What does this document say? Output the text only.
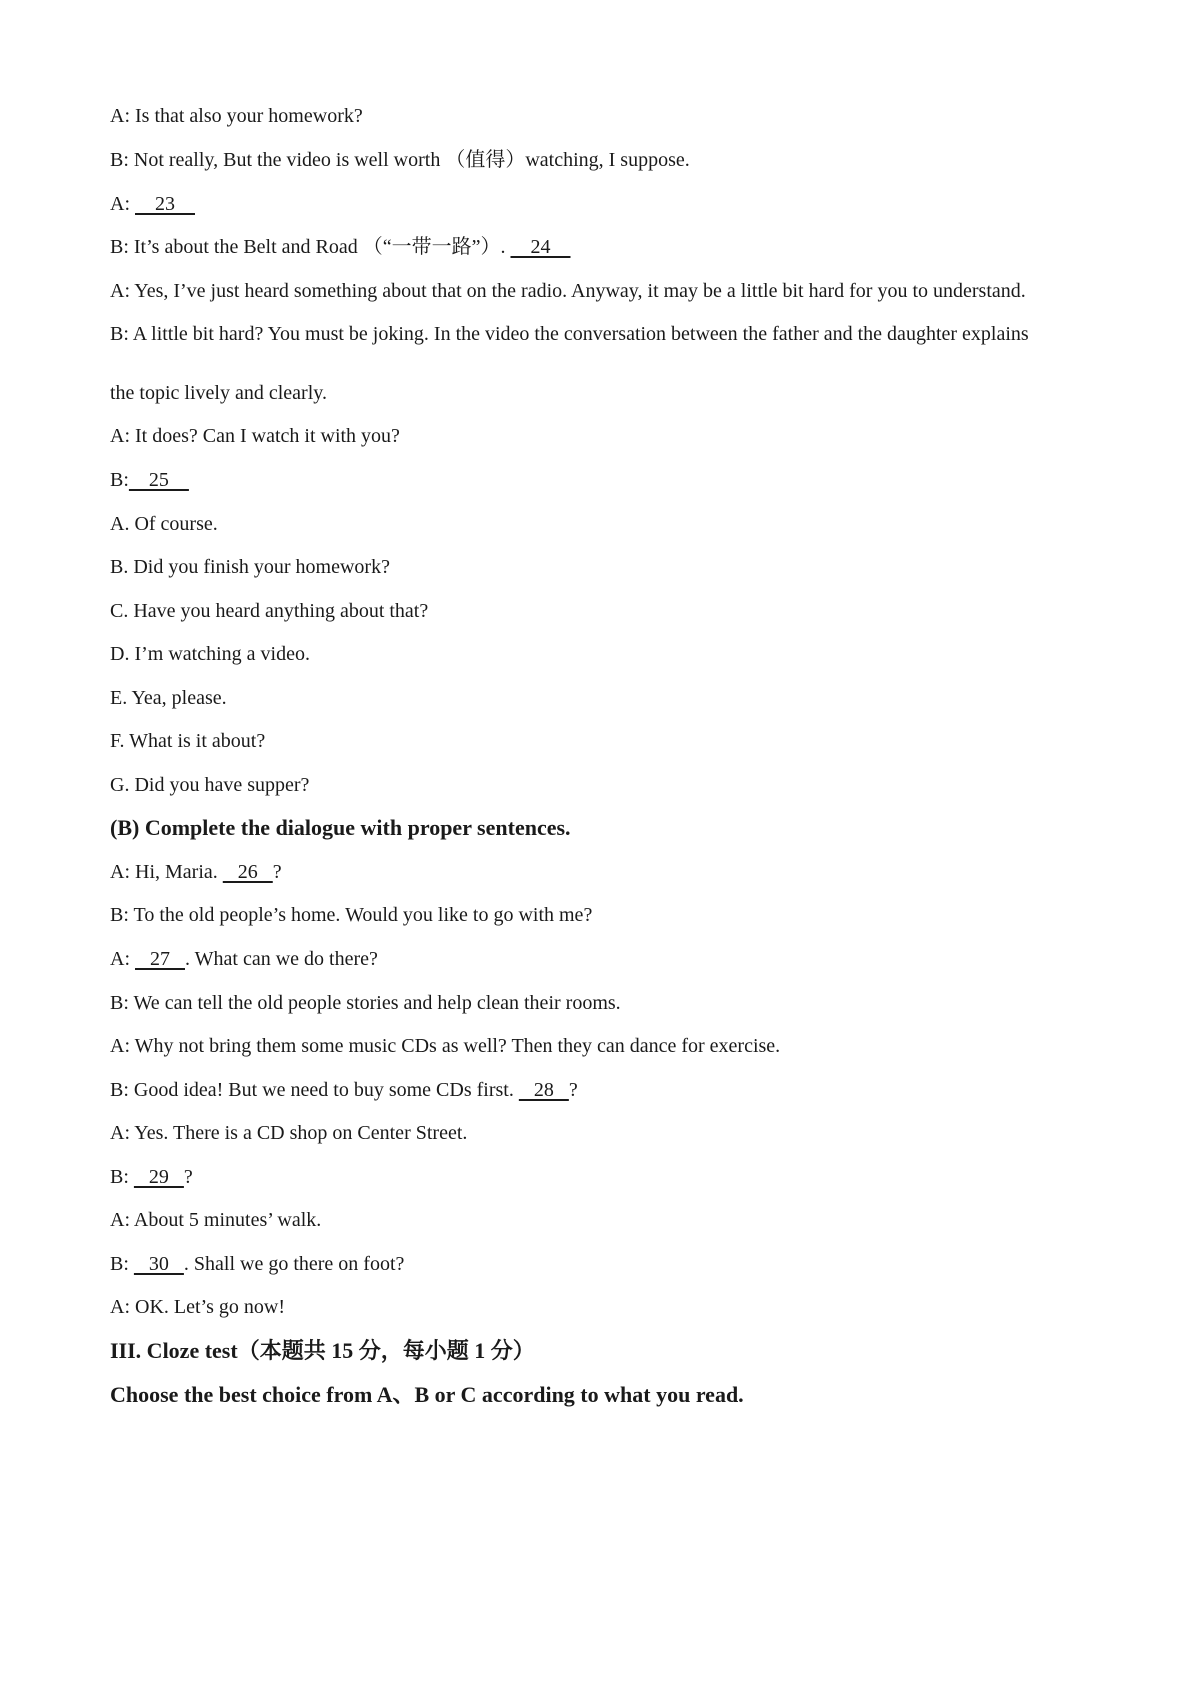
A: Is that also your homework?
B: Not really, But the video is well worth （值得）watching, I suppose.
A:     23
B: It’s about the Belt and Road （“一带一路”）.     24
A: Yes, I’ve just heard something about that on the radio. Anyway, it may be a little bit hard for you to understand.
B: A little bit hard? You must be joking. In the video the conversation between the father and the daughter explains
the topic lively and clearly.
A: It does? Can I watch it with you?
B:    25
A. Of course.
B. Did you finish your homework?
C. Have you heard anything about that?
D. I’m watching a video.
E. Yea, please.
F. What is it about?
G. Did you have supper?
(B) Complete the dialogue with proper sentences.
A: Hi, Maria.    26   ?
B: To the old people’s home. Would you like to go with me?
A:    27   . What can we do there?
B: We can tell the old people stories and help clean their rooms.
A: Why not bring them some music CDs as well? Then they can dance for exercise.
B: Good idea! But we need to buy some CDs first.    28   ?
A: Yes. There is a CD shop on Center Street.
B:    29   ?
A: About 5 minutes’ walk.
B:    30   . Shall we go there on foot?
A: OK. Let’s go now!
III. Cloze test（本题共 15 分，每小题 1 分）
Choose the best choice from A、B or C according to what you read.
